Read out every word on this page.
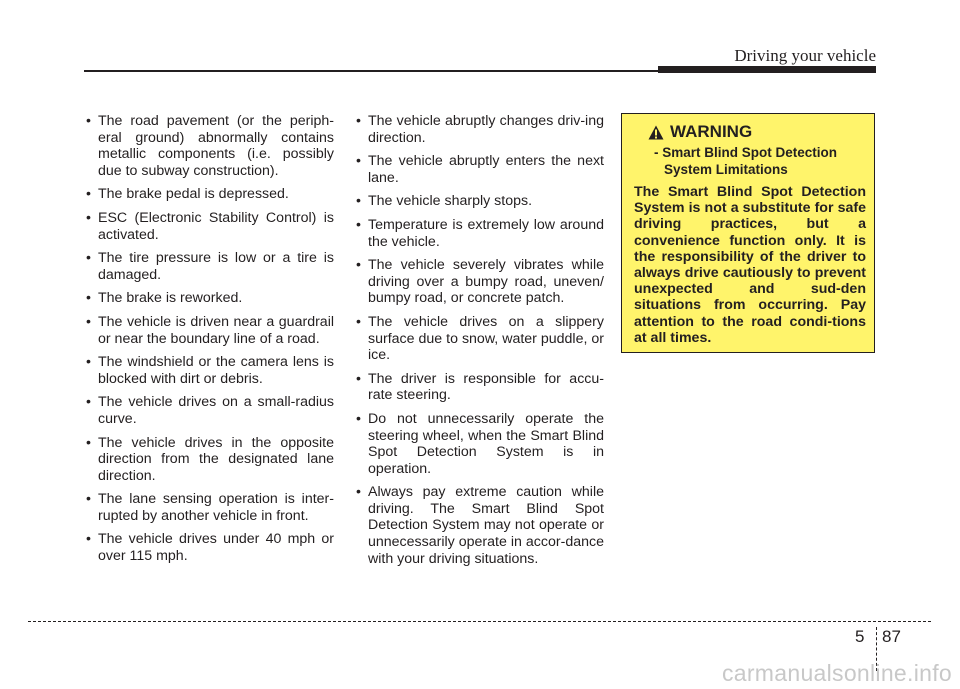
Driving your vehicle
• The road pavement (or the periph-eral ground) abnormally contains metallic components (i.e. possibly due to subway construction).
• The brake pedal is depressed.
• ESC (Electronic Stability Control) is activated.
• The tire pressure is low or a tire is damaged.
• The brake is reworked.
• The vehicle is driven near a guardrail or near the boundary line of a road.
• The windshield or the camera lens is blocked with dirt or debris.
• The vehicle drives on a small-radius curve.
• The vehicle drives in the opposite direction from the designated lane direction.
• The lane sensing operation is inter-rupted by another vehicle in front.
• The vehicle drives under 40 mph or over 115 mph.
• The vehicle abruptly changes driv-ing direction.
• The vehicle abruptly enters the next lane.
• The vehicle sharply stops.
• Temperature is extremely low around the vehicle.
• The vehicle severely vibrates while driving over a bumpy road, uneven/ bumpy road, or concrete patch.
• The vehicle drives on a slippery surface due to snow, water puddle, or ice.
• The driver is responsible for accu-rate steering.
• Do not unnecessarily operate the steering wheel, when the Smart Blind Spot Detection System is in operation.
• Always pay extreme caution while driving. The Smart Blind Spot Detection System may not operate or unnecessarily operate in accor-dance with your driving situations.
WARNING
- Smart Blind Spot Detection System Limitations
The Smart Blind Spot Detection System is not a substitute for safe driving practices, but a convenience function only. It is the responsibility of the driver to always drive cautiously to prevent unexpected and sud-den situations from occurring. Pay attention to the road condi-tions at all times.
5 87
carmanualsonline.info
